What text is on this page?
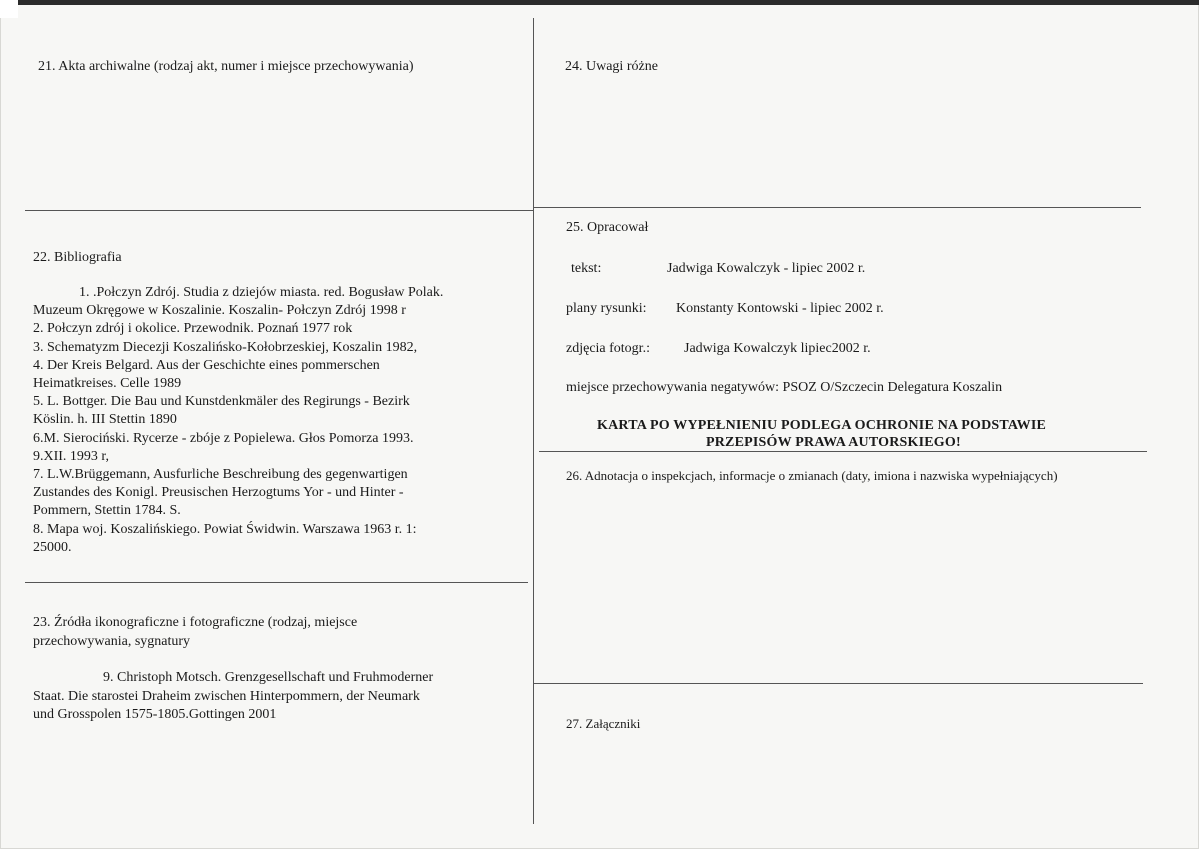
21. Akta archiwalne (rodzaj akt, numer i miejsce przechowywania)
22. Bibliografia
1. .Połczyn Zdrój. Studia z dziejów miasta. red. Bogusław Polak.
Muzeum Okręgowe w Koszalinie. Koszalin- Połczyn Zdrój 1998 r
2. Połczyn zdrój i okolice. Przewodnik. Poznań 1977 rok
3. Schematyzm Diecezji Koszalińsko-Kołobrzeskiej, Koszalin 1982,
4. Der Kreis Belgard. Aus der Geschichte eines pommerschen
Heimatkreises. Celle 1989
5. L. Bottger. Die Bau und Kunstdenkmäler des Regirungs - Bezirk
Köslin. h. III Stettin 1890
6.M. Sierociński. Rycerze - zbóje z Popielewa. Głos Pomorza 1993.
9.XII. 1993 r,
7. L.W.Brüggemann, Ausfurliche Beschreibung des gegenwartigen
Zustandes des Konigl. Preusischen Herzogtums Yor - und Hinter -
Pommern, Stettin 1784. S.
8. Mapa woj. Koszalińskiego. Powiat Świdwin. Warszawa 1963 r. 1:
25000.
23. Źródła ikonograficzne i fotograficzne (rodzaj, miejsce
przechowywania, sygnatury
9. Christoph Motsch. Grenzgesellschaft und Fruhmoderner
Staat. Die starostei Draheim zwischen Hinterpommern, der Neumark
und Grosspolen 1575-1805.Gottingen 2001
24. Uwagi różne
25. Opracował
tekst:	Jadwiga Kowalczyk - lipiec 2002 r.
plany rysunki: Konstanty Kontowski - lipiec 2002 r.
zdjęcia fotogr.: Jadwiga Kowalczyk lipiec2002 r.
miejsce przechowywania negatywów: PSOZ O/Szczecin Delegatura Koszalin
KARTA PO WYPEŁNIENIU PODLEGA OCHRONIE NA PODSTAWIE
PRZEPISÓW PRAWA AUTORSKIEGO!
26. Adnotacja o inspekcjach, informacje o zmianach (daty, imiona i nazwiska wypełniających)
27. Załączniki
